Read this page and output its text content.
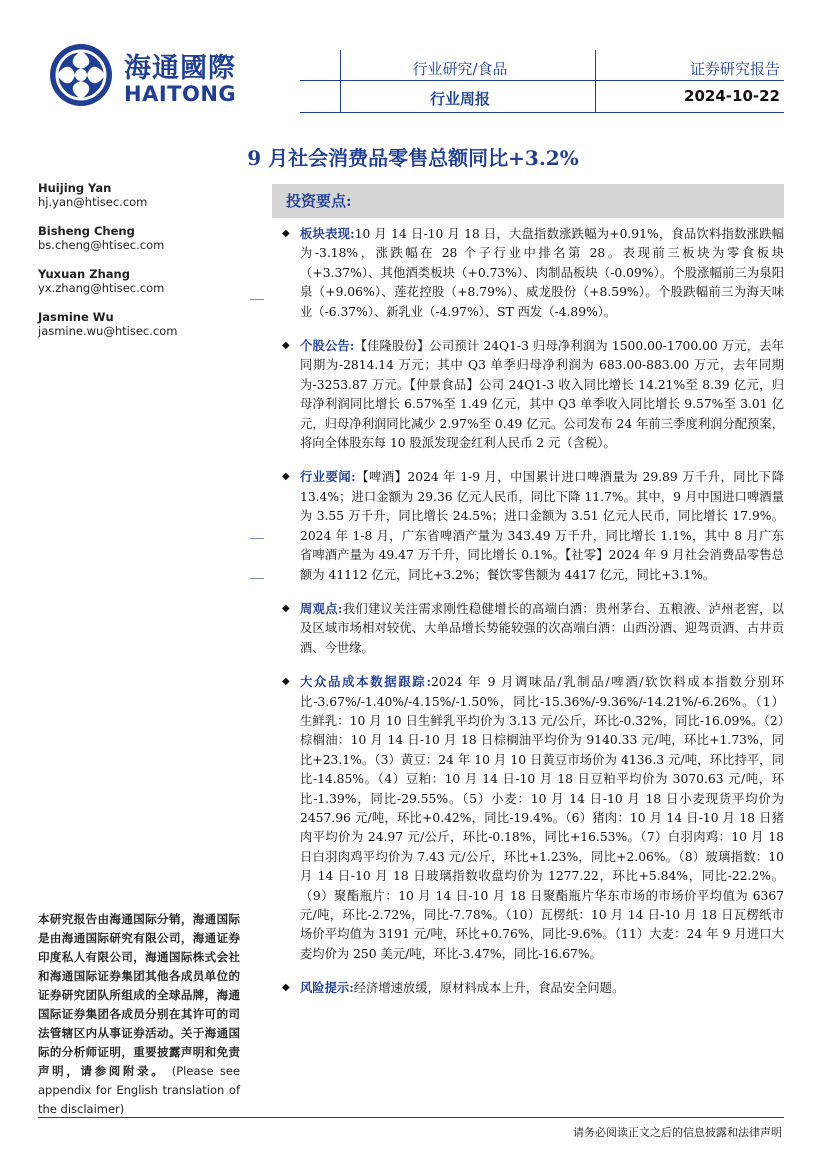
海通國際
HAITONG
行业研究/食品
行业周报
证券研究报告
2024-10-22
9 月社会消费品零售总额同比+3.2%
Huijing Yan
hj.yan@htisec.com
Bisheng Cheng
bs.cheng@htisec.com
Yuxuan Zhang
yx.zhang@htisec.com
Jasmine Wu
jasmine.wu@htisec.com
本研究报告由海通国际分销，海通国际是由海通国际研究有限公司，海通证券印度私人有限公司，海通国际株式会社和海通国际证券集团其他各成员单位的证券研究团队所组成的全球品牌，海通国际证券集团各成员分别在其许可的司法管辖区内从事证券活动。关于海通国际的分析师证明，重要披露声明和免责声明，请参阅附录。 (Please see appendix for English translation of the disclaimer)
投资要点:
◆ 板块表现:10 月 14 日-10 月 18 日，大盘指数涨跌幅为+0.91%，食品饮料指数涨跌幅为-3.18%，涨跌幅在 28 个子行业中排名第 28。表现前三板块为零食板块（+3.37%）、其他酒类板块（+0.73%）、肉制品板块（-0.09%）。个股涨幅前三为泉阳泉（+9.06%）、莲花控股（+8.79%）、威龙股份（+8.59%）。个股跌幅前三为海天味业（-6.37%）、新乳业（-4.97%）、ST 西发（-4.89%）。
◆ 个股公告:【佳隆股份】公司预计 24Q1-3 归母净利润为 1500.00-1700.00 万元，去年同期为-2814.14 万元；其中 Q3 单季归母净利润为 683.00-883.00 万元，去年同期为-3253.87 万元。【仲景食品】公司 24Q1-3 收入同比增长 14.21%至 8.39 亿元，归母净利润同比增长 6.57%至 1.49 亿元，其中 Q3 单季收入同比增长 9.57%至 3.01 亿元，归母净利润同比减少 2.97%至 0.49 亿元。公司发布 24 年前三季度利润分配预案，将向全体股东每 10 股派发现金红利人民币 2 元（含税）。
◆ 行业要闻:【啤酒】2024 年 1-9 月，中国累计进口啤酒量为 29.89 万千升，同比下降 13.4%；进口金额为 29.36 亿元人民币，同比下降 11.7%。其中，9 月中国进口啤酒量为 3.55 万千升，同比增长 24.5%；进口金额为 3.51 亿元人民币，同比增长 17.9%。2024 年 1-8 月，广东省啤酒产量为 343.49 万千升，同比增长 1.1%，其中 8 月广东省啤酒产量为 49.47 万千升，同比增长 0.1%。【社零】2024 年 9 月社会消费品零售总额为 41112 亿元，同比+3.2%；餐饮零售额为 4417 亿元，同比+3.1%。
◆ 周观点:我们建议关注需求刚性稳健增长的高端白酒：贵州茅台、五粮液、泸州老窖，以及区域市场相对较优、大单品增长势能较强的次高端白酒：山西汾酒、迎驾贡酒、古井贡酒、今世缘。
◆ 大众品成本数据跟踪:2024 年 9 月调味品/乳制品/啤酒/软饮料成本指数分别环比-3.67%/-1.40%/-4.15%/-1.50%，同比-15.36%/-9.36%/-14.21%/-6.26%。（1）生鲜乳：10 月 10 日生鲜乳平均价为 3.13 元/公斤，环比-0.32%，同比-16.09%。（2）棕榈油：10 月 14 日-10 月 18 日棕榈油平均价为 9140.33 元/吨，环比+1.73%，同比+23.1%。（3）黄豆：24 年 10 月 10 日黄豆市场价为 4136.3 元/吨，环比持平，同比-14.85%。（4）豆粕：10 月 14 日-10 月 18 日豆粕平均价为 3070.63 元/吨，环比-1.39%，同比-29.55%。（5）小麦：10 月 14 日-10 月 18 日小麦现货平均价为 2457.96 元/吨，环比+0.42%，同比-19.4%。（6）猪肉：10 月 14 日-10 月 18 日猪肉平均价为 24.97 元/公斤，环比-0.18%，同比+16.53%。（7）白羽肉鸡：10 月 18 日白羽肉鸡平均价为 7.43 元/公斤，环比+1.23%，同比+2.06%。（8）玻璃指数：10 月 14 日-10 月 18 日玻璃指数收盘均价为 1277.22，环比+5.84%，同比-22.2%。（9）聚酯瓶片：10 月 14 日-10 月 18 日聚酯瓶片华东市场的市场价平均值为 6367 元/吨，环比-2.72%，同比-7.78%。（10）瓦楞纸：10 月 14 日-10 月 18 日瓦楞纸市场价平均值为 3191 元/吨，环比+0.76%，同比-9.6%。（11）大麦：24 年 9 月进口大麦均价为 250 美元/吨，环比-3.47%，同比-16.67%。
◆ 风险提示:经济增速放缓，原材料成本上升，食品安全问题。
请务必阅读正文之后的信息披露和法律声明
